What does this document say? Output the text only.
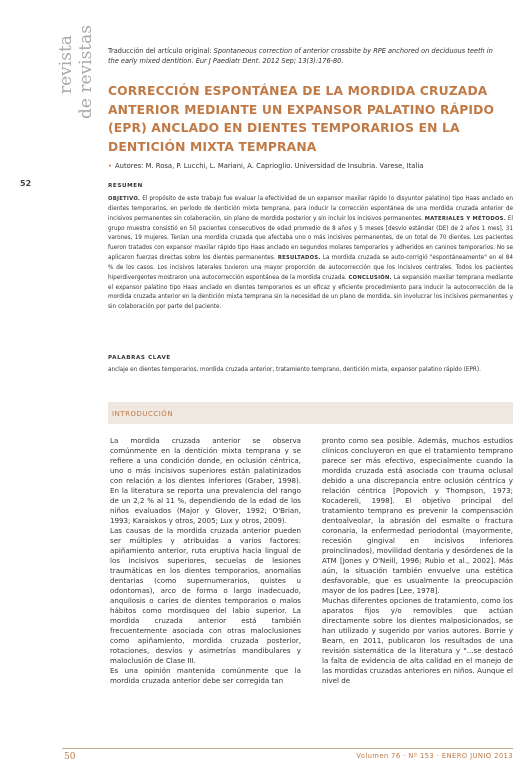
revista de revistas
52
Traducción del artículo original: Spontaneous correction of anterior crossbite by RPE anchored on deciduous teeth in the early mixed dentition. Eur J Paediatr Dent. 2012 Sep; 13(3):176-80.
CORRECCIÓN ESPONTÁNEA DE LA MORDIDA CRUZADA ANTERIOR MEDIANTE UN EXPANSOR PALATINO RÁPIDO (EPR) ANCLADO EN DIENTES TEMPORARIOS EN LA DENTICIÓN MIXTA TEMPRANA
• Autores: M. Rosa, P. Lucchi, L. Mariani, A. Caprioglio. Universidad de Insubria. Varese, Italia
RESUMEN
OBJETIVO. El propósito de este trabajo fue evaluar la efectividad de un expansor maxilar rápido (o disyuntor palatino) tipo Haas anclado en dientes temporarios, en período de dentición mixta temprana, para inducir la corrección espontánea de una mordida cruzada anterior de incisivos permanentes sin colaboración, sin plano de mordida posterior y sin incluir los incisivos permanentes. MATERIALES Y MÉTODOS. El grupo muestra consistió en 50 pacientes consecutivos de edad promedio de 8 años y 5 meses [desvío estándar (DE) de 2 años 1 mes], 31 varones, 19 mujeres. Tenían una mordida cruzada que afectaba uno o más incisivos permanentes, de un total de 70 dientes. Los pacientes fueron tratados con expansor maxilar rápido tipo Haas anclado en segundos molares temporarios y adheridos en caninos temporarios. No se aplicaron fuerzas directas sobre los dientes permanentes. RESULTADOS. La mordida cruzada se auto-corrigió "espontáneamente" en el 84 % de los casos. Los incisivos laterales tuvieron una mayor proporción de autocorrección que los incisivos centrales. Todos los pacientes hiperdivergentes mostraron una autocorrección espontánea de la mordida cruzada. CONCLUSIÓN. La expansión maxilar temprana mediante el expansor palatino tipo Haas anclado en dientes temporarios es un eficaz y eficiente procedimiento para inducir la autocorrección de la mordida cruzada anterior en la dentición mixta temprana sin la necesidad de un plano de mordida, sin involucrar los incisivos permanentes y sin colaboración por parte del paciente.
PALABRAS CLAVE
anclaje en dientes temporarios, mordida cruzada anterior, tratamiento temprano, dentición mixta, expansor palatino rápido (EPR).
INTRODUCCIÓN

La mordida cruzada anterior se observa comúnmente en la dentición mixta temprana y se refiere a una condición donde, en oclusión céntrica, uno o más incisivos superiores están palatinizados con relación a los dientes inferiores (Graber, 1998). En la literatura se reporta una prevalencia del rango de un 2,2 % al 11 %, dependiendo de la edad de los niños evaluados (Major y Glover, 1992; O'Brian, 1993; Karaiskos y otros, 2005; Lux y otros, 2009).

Las causas de la mordida cruzada anterior pueden ser múltiples y atribuidas a varios factores: apiñamiento anterior, ruta eruptiva hacia lingual de los incisivos superiores, secuelas de lesiones traumáticas en los dientes temporarios, anomalías dentarias (como supernumerarios, quistes u odontomas), arco de forma o largo inadecuado, anquilosis o caries de dientes temporarios o malos hábitos como mordisqueo del labio superior. La mordida cruzada anterior está también frecuentemente asociada con otras maloclusiones como apiñamiento, mordida cruzada posterior, rotaciones, desvíos y asimetrías mandibulares y maloclusión de Clase III.

Es una opinión mantenida comúnmente que la mordida cruzada anterior debe ser corregida tan

pronto como sea posible. Además, muchos estudios clínicos concluyeron en que el tratamiento temprano parece ser más efectivo, especialmente cuando la mordida cruzada está asociada con trauma oclusal debido a una discrepancia entre oclusión céntrica y relación céntrica [Popovich y Thompson, 1973; Kocadereli, 1998]. El objetivo principal del tratamiento temprano es prevenir la compensación dentoalveolar, la abrasión del esmalte o fractura coronaria, la enfermedad periodontal (mayormente, recesión gingival en incisivos inferiores proinclinados), movilidad dentaria y desórdenes de la ATM [Jones y O'Neill, 1996; Rubio et al., 2002]. Más aún, la situación también envuelve una estética desfavorable, que es usualmente la preocupación mayor de los padres [Lee, 1978].

Muchas diferentes opciones de tratamiento, como los aparatos fijos y/o removibles que actúan directamente sobre los dientes malposicionados, se han utilizado y sugerido por varios autores. Borrie y Bearn, en 2011, publicaron los resultados de una revisión sistemática de la literatura y "...se destacó la falta de evidencia de alta calidad en el manejo de las mordidas cruzadas anteriores en niños. Aunque el nivel de

50	Volumen 76 · Nº 153 · ENERO JUNIO 2013
